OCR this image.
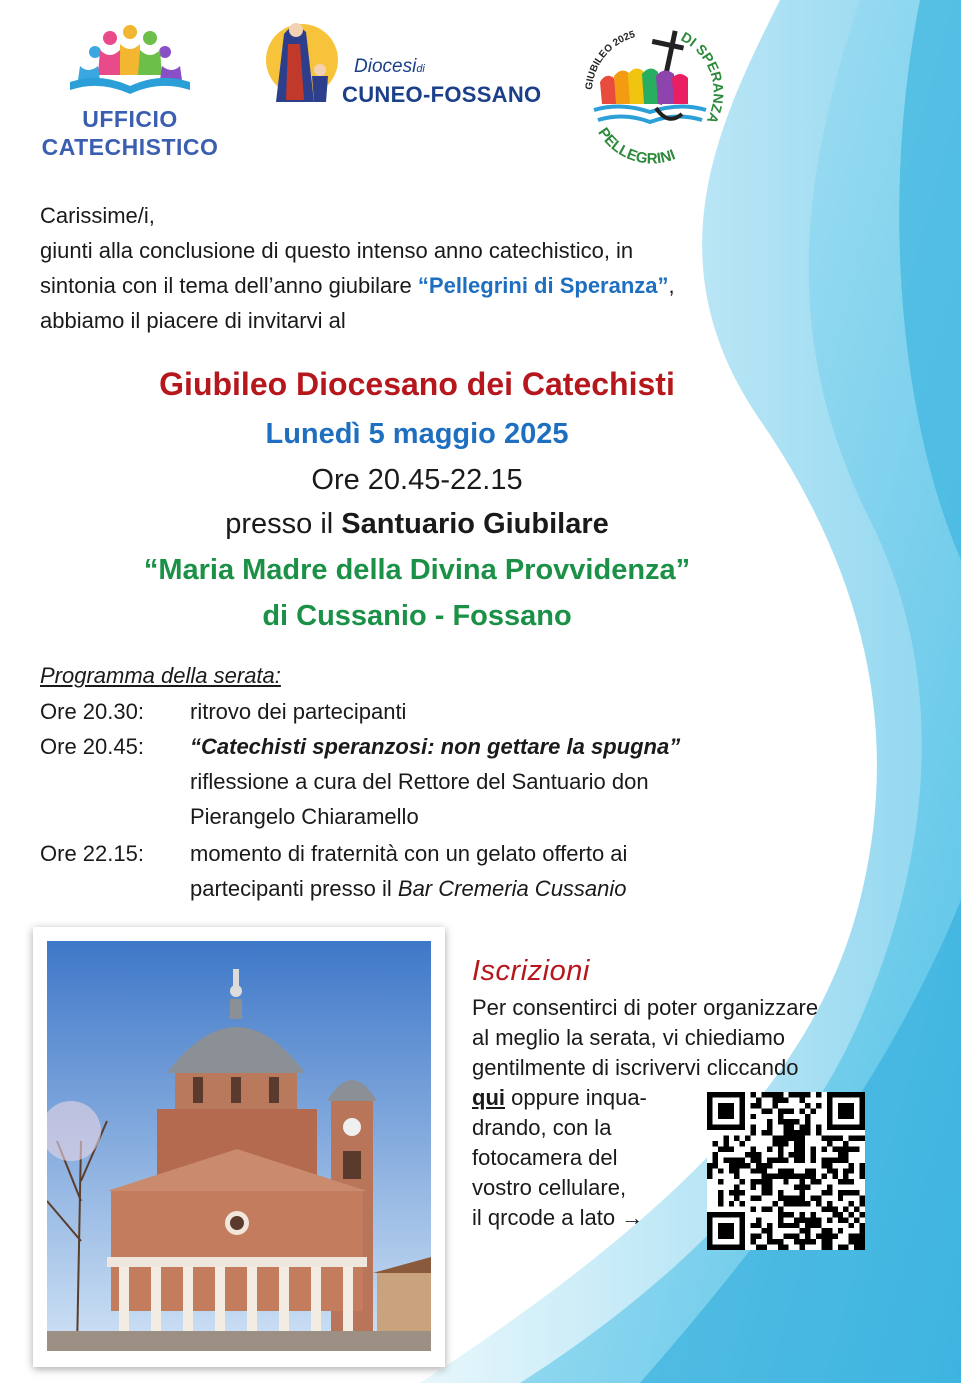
UFFICIO
CATECHISTICO
Diocesidi
CUNEO-FOSSANO	GIUBILEO 2025	DI SPERANZA
PELLEGRINI
Carissime/i,
giunti alla conclusione di questo intenso anno catechistico, in
sintonia con il tema dell’anno giubilare “Pellegrini di Speranza”,
abbiamo il piacere di invitarvi al
Giubileo Diocesano dei Catechisti
Lunedì 5 maggio 2025
Ore 20.45-22.15
presso il Santuario Giubilare
“Maria Madre della Divina Provvidenza”
di Cussanio - Fossano
Programma della serata:
Ore 20.30:	ritrovo dei partecipanti
Ore 20.45:	“Catechisti speranzosi: non gettare la spugna”
riflessione a cura del Rettore del Santuario don
Pierangelo Chiaramello
Ore 22.15:	momento di fraternità con un gelato offerto ai
partecipanti presso il Bar Cremeria Cussanio
Iscrizioni
Per consentirci di poter organizzare
al meglio la serata, vi chiediamo
gentilmente di iscrivervi cliccando
qui oppure inqua-
drando, con la
fotocamera del
vostro cellulare,
il qrcode a lato →
